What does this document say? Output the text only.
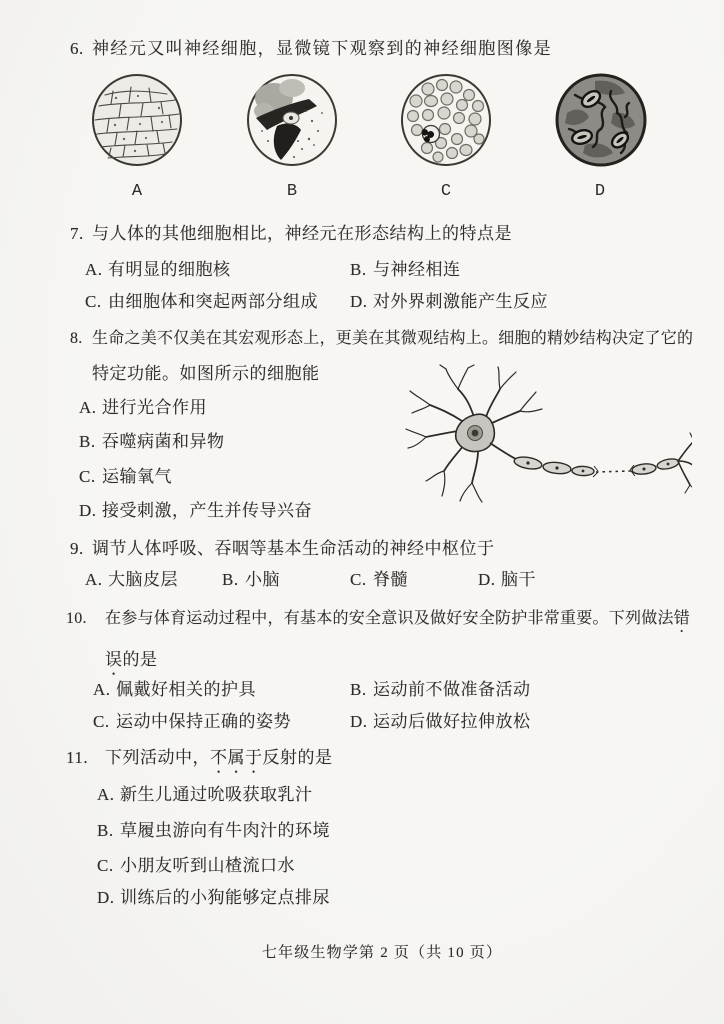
6. 神经元又叫神经细胞，显微镜下观察到的神经细胞图像是
A	B	C	D
7. 与人体的其他细胞相比，神经元在形态结构上的特点是
A. 有明显的细胞核	B. 与神经相连
C. 由细胞体和突起两部分组成 D. 对外界刺激能产生反应
8. 生命之美不仅美在其宏观形态上，更美在其微观结构上。细胞的精妙结构决定了它的
特定功能。如图所示的细胞能
A. 进行光合作用
B. 吞噬病菌和异物
C. 运输氧气
D. 接受刺激，产生并传导兴奋
9. 调节人体呼吸、吞咽等基本生命活动的神经中枢位于
A. 大脑皮层	B. 小脑	C. 脊髓	D. 脑干
10. 在参与体育运动过程中，有基本的安全意识及做好安全防护非常重要。下列做法错
误的是
A. 佩戴好相关的护具	B. 运动前不做准备活动
C. 运动中保持正确的姿势	D. 运动后做好拉伸放松
11. 下列活动中，不属于反射的是
A. 新生儿通过吮吸获取乳汁
B. 草履虫游向有牛肉汁的环境
C. 小朋友听到山楂流口水
D. 训练后的小狗能够定点排尿
七年级生物学第 2 页（共 10 页）
